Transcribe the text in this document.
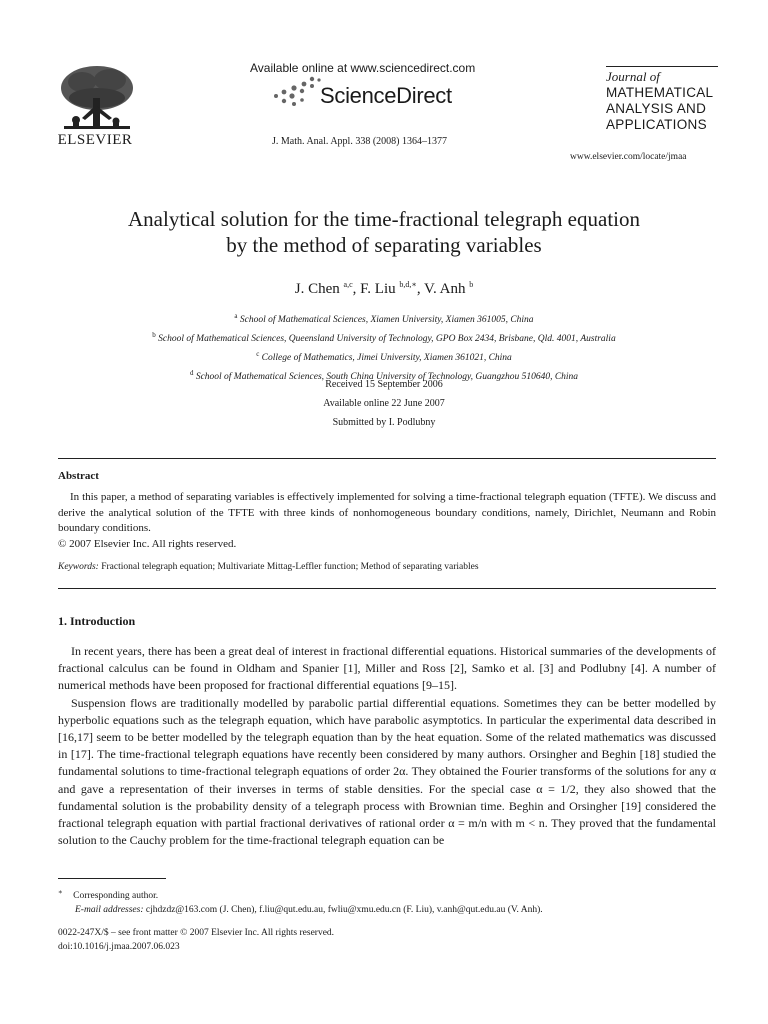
ELSEVIER
Available online at www.sciencedirect.com
ScienceDirect
J. Math. Anal. Appl. 338 (2008) 1364–1377
Journal of
MATHEMATICAL
ANALYSIS AND
APPLICATIONS
www.elsevier.com/locate/jmaa
Analytical solution for the time-fractional telegraph equation
by the method of separating variables
J. Chen $^{a,c}$, F. Liu $^{b,d,∗}$, V. Anh $^b$
$^a$ School of Mathematical Sciences, Xiamen University, Xiamen 361005, China
$^b$ School of Mathematical Sciences, Queensland University of Technology, GPO Box 2434, Brisbane, Qld. 4001, Australia
$^c$ College of Mathematics, Jimei University, Xiamen 361021, China
$^d$ School of Mathematical Sciences, South China University of Technology, Guangzhou 510640, China
Received 15 September 2006
Available online 22 June 2007
Submitted by I. Podlubny
Abstract

In this paper, a method of separating variables is effectively implemented for solving a time-fractional telegraph equation (TFTE). We discuss and derive the analytical solution of the TFTE with three kinds of nonhomogeneous boundary conditions, namely, Dirichlet, Neumann and Robin boundary conditions.

© 2007 Elsevier Inc. All rights reserved.
Keywords: Fractional telegraph equation; Multivariate Mittag-Leffler function; Method of separating variables
1. Introduction

In recent years, there has been a great deal of interest in fractional differential equations. Historical summaries of the developments of fractional calculus can be found in Oldham and Spanier [1], Miller and Ross [2], Samko et al. [3] and Podlubny [4]. A number of numerical methods have been proposed for fractional differential equations [9–15].

Suspension flows are traditionally modelled by parabolic partial differential equations. Sometimes they can be better modelled by hyperbolic equations such as the telegraph equation, which have parabolic asymptotics. In particular the experimental data described in [16,17] seem to be better modelled by the telegraph equation than by the heat equation. Some of the related mathematics was discussed in [17]. The time-fractional telegraph equations have recently been considered by many authors. Orsingher and Beghin [18] studied the fundamental solutions to time-fractional telegraph equations of order 2α. They obtained the Fourier transforms of the solutions for any α and gave a representation of their inverses in terms of stable densities. For the special case α = 1/2, they also showed that the fundamental solution is the probability density of a telegraph process with Brownian time. Beghin and Orsingher [19] considered the fractional telegraph equation with partial fractional derivatives of rational order α = m/n with m < n. They proved that the fundamental solution to the Cauchy problem for the time-fractional telegraph equation can be

∗ Corresponding author.
E-mail addresses: cjhdzdz@163.com (J. Chen), f.liu@qut.edu.au, fwliu@xmu.edu.cn (F. Liu), v.anh@qut.edu.au (V. Anh).
0022-247X/$ – see front matter © 2007 Elsevier Inc. All rights reserved.
doi:10.1016/j.jmaa.2007.06.023
